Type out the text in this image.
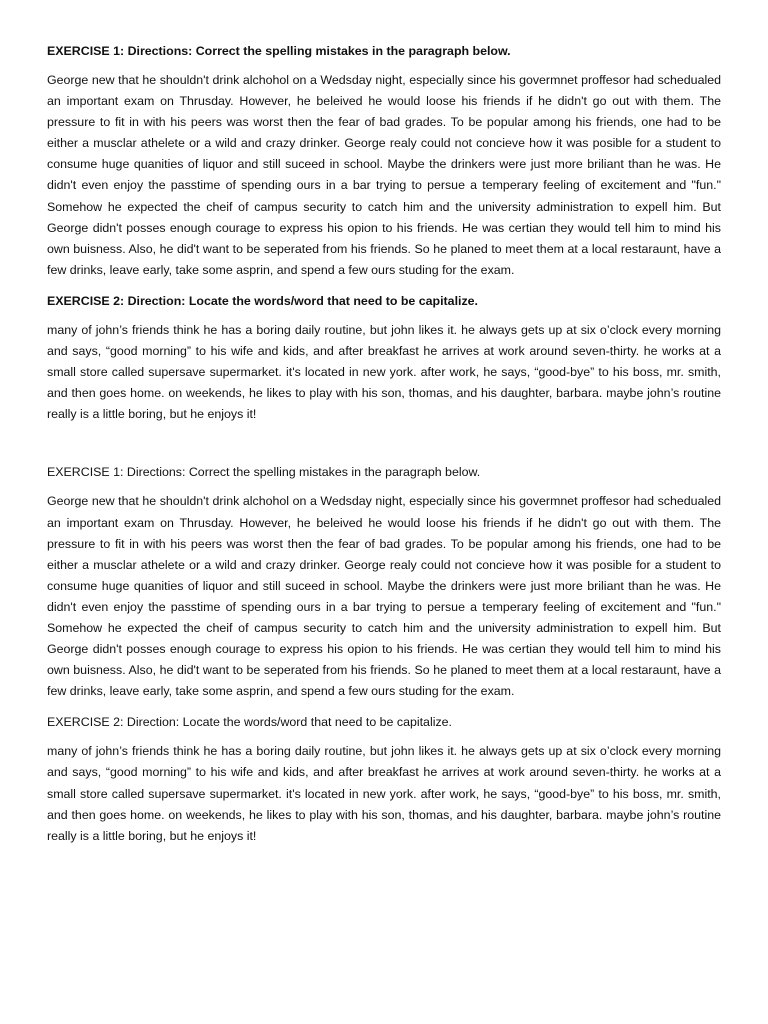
EXERCISE 1: Directions: Correct the spelling mistakes in the paragraph below.

George new that he shouldn't drink alchohol on a Wedsday night, especially since his govermnet proffesor had schedualed an important exam on Thrusday. However, he beleived he would loose his friends if he didn't go out with them. The pressure to fit in with his peers was worst then the fear of bad grades. To be popular among his friends, one had to be either a musclar athelete or a wild and crazy drinker. George realy could not concieve how it was posible for a student to consume huge quanities of liquor and still suceed in school. Maybe the drinkers were just more briliant than he was. He didn't even enjoy the passtime of spending ours in a bar trying to persue a temperary feeling of excitement and "fun." Somehow he expected the cheif of campus security to catch him and the university administration to expell him. But George didn't posses enough courage to express his opion to his friends. He was certian they would tell him to mind his own buisness. Also, he did't want to be seperated from his friends. So he planed to meet them at a local restaraunt, have a few drinks, leave early, take some asprin, and spend a few ours studing for the exam.

EXERCISE 2: Direction: Locate the words/word that need to be capitalize.

many of john’s friends think he has a boring daily routine, but john likes it. he always gets up at six o’clock every morning and says, “good morning” to his wife and kids, and after breakfast he arrives at work around seven-thirty. he works at a small store called supersave supermarket. it's located in new york. after work, he says, “good-bye” to his boss, mr. smith, and then goes home. on weekends, he likes to play with his son, thomas, and his daughter, barbara. maybe john’s routine really is a little boring, but he enjoys it!

EXERCISE 1: Directions: Correct the spelling mistakes in the paragraph below.

George new that he shouldn't drink alchohol on a Wedsday night, especially since his govermnet proffesor had schedualed an important exam on Thrusday. However, he beleived he would loose his friends if he didn't go out with them. The pressure to fit in with his peers was worst then the fear of bad grades. To be popular among his friends, one had to be either a musclar athelete or a wild and crazy drinker. George realy could not concieve how it was posible for a student to consume huge quanities of liquor and still suceed in school. Maybe the drinkers were just more briliant than he was. He didn't even enjoy the passtime of spending ours in a bar trying to persue a temperary feeling of excitement and "fun." Somehow he expected the cheif of campus security to catch him and the university administration to expell him. But George didn't posses enough courage to express his opion to his friends. He was certian they would tell him to mind his own buisness. Also, he did't want to be seperated from his friends. So he planed to meet them at a local restaraunt, have a few drinks, leave early, take some asprin, and spend a few ours studing for the exam.

EXERCISE 2: Direction: Locate the words/word that need to be capitalize.

many of john’s friends think he has a boring daily routine, but john likes it. he always gets up at six o’clock every morning and says, “good morning” to his wife and kids, and after breakfast he arrives at work around seven-thirty. he works at a small store called supersave supermarket. it's located in new york. after work, he says, “good-bye” to his boss, mr. smith, and then goes home. on weekends, he likes to play with his son, thomas, and his daughter, barbara. maybe john’s routine really is a little boring, but he enjoys it!
